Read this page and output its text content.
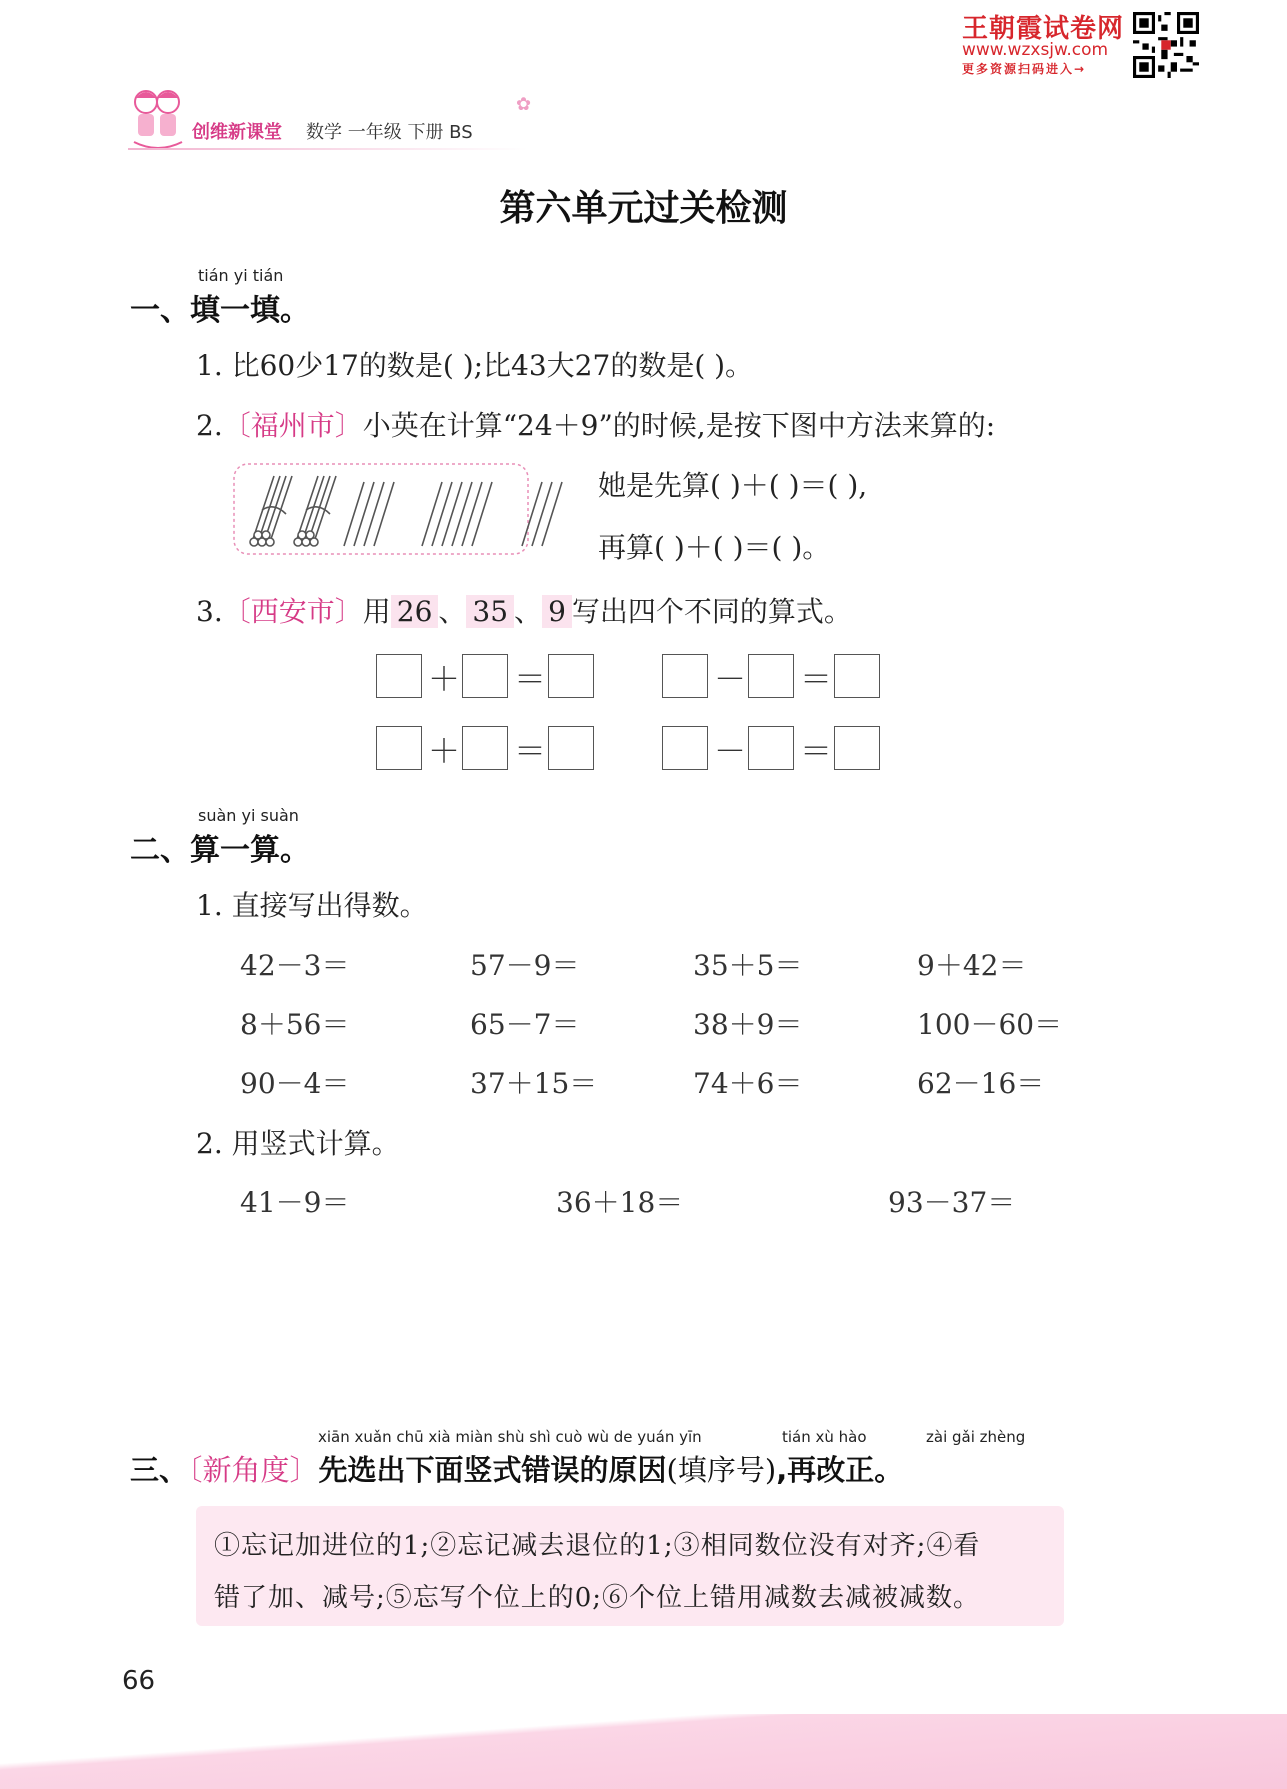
王朝霞试卷网
www.wzxsjw.com
更多资源扫码进入→
创维新课堂 数学 一年级 下册 BS
✿
第六单元过关检测
tián yi tián
一、填一填。
1. 比60少17的数是( );比43大27的数是( )。
2.〔福州市〕小英在计算“24＋9”的时候,是按下图中方法来算的:
她是先算( )＋( )＝( ),
再算( )＋( )＝( )。
3.〔西安市〕用 26 、 35 、 9 写出四个不同的算式。
＋ ＝	－ ＝
＋ ＝	－ ＝
suàn yi suàn
二、算一算。
1. 直接写出得数。
42－3＝	57－9＝	35＋5＝	9＋42＝
8＋56＝	65－7＝	38＋9＝	100－60＝
90－4＝	37＋15＝	74＋6＝	62－16＝
2. 用竖式计算。
41－9＝	36＋18＝	93－37＝
xiān xuǎn chū xià miàn shù shì cuò wù de yuán yīn	tián xù hào	zài gǎi zhèng
三、〔新角度〕先选出下面竖式错误的原因(填序号),再改正。
①忘记加进位的1;②忘记减去退位的1;③相同数位没有对齐;④看
错了加、减号;⑤忘写个位上的0;⑥个位上错用减数去减被减数。
66
